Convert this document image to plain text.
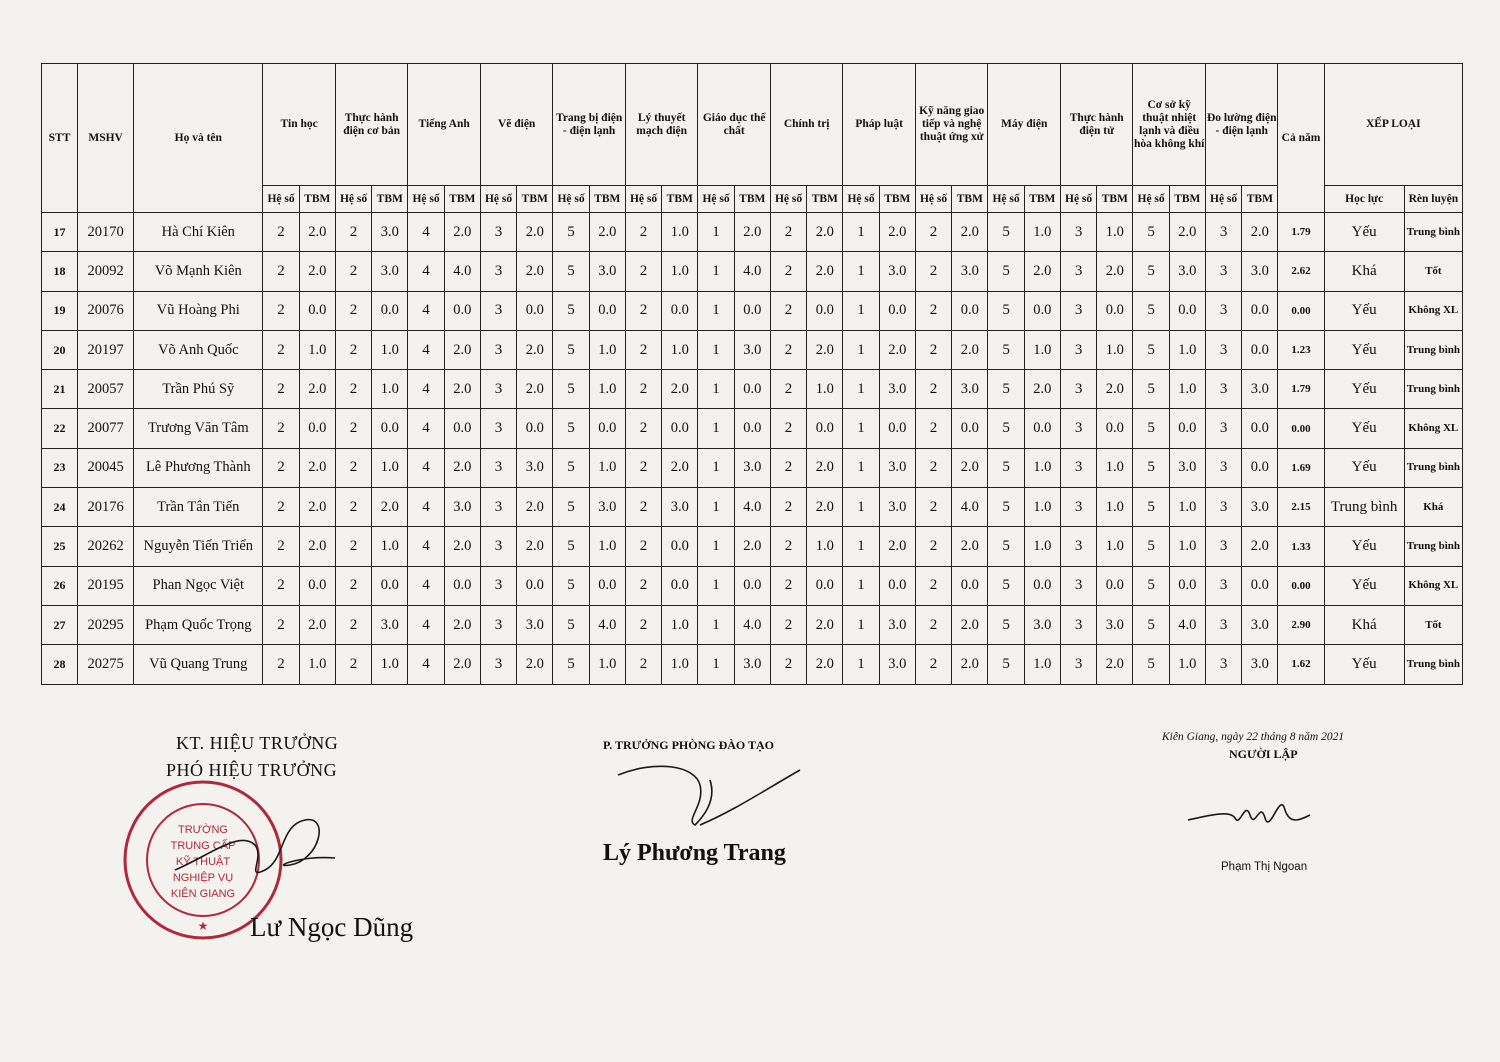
STT	MSHV	Họ và tên	Tin học		Thực hành điện cơ bản		Tiếng Anh		Vẽ điện		Trang bị điện - điện lạnh		Lý thuyết mạch điện		Giáo dục thể chất		Chính trị		Pháp luật		Kỹ năng giao tiếp và nghệ thuật ứng xử		Máy điện		Thực hành điện tử		Cơ sở kỹ thuật nhiệt lạnh và điều hòa không khí		Đo lường điện - điện lạnh		Cả năm	XẾP LOẠI	
			Hệ số	TBM	Hệ số	TBM	Hệ số	TBM	Hệ số	TBM	Hệ số	TBM	Hệ số	TBM	Hệ số	TBM	Hệ số	TBM	Hệ số	TBM	Hệ số	TBM	Hệ số	TBM	Hệ số	TBM	Hệ số	TBM	Hệ số	TBM		Học lực	Rèn luyện
17	20170	Hà Chí Kiên	2	2.0	2	3.0	4	2.0	3	2.0	5	2.0	2	1.0	1	2.0	2	2.0	1	2.0	2	2.0	5	1.0	3	1.0	5	2.0	3	2.0	1.79	Yếu	Trung bình
18	20092	Võ Mạnh Kiên	2	2.0	2	3.0	4	4.0	3	2.0	5	3.0	2	1.0	1	4.0	2	2.0	1	3.0	2	3.0	5	2.0	3	2.0	5	3.0	3	3.0	2.62	Khá	Tốt
19	20076	Vũ Hoàng Phi	2	0.0	2	0.0	4	0.0	3	0.0	5	0.0	2	0.0	1	0.0	2	0.0	1	0.0	2	0.0	5	0.0	3	0.0	5	0.0	3	0.0	0.00	Yếu	Không XL
20	20197	Võ Anh Quốc	2	1.0	2	1.0	4	2.0	3	2.0	5	1.0	2	1.0	1	3.0	2	2.0	1	2.0	2	2.0	5	1.0	3	1.0	5	1.0	3	0.0	1.23	Yếu	Trung bình
21	20057	Trần Phú Sỹ	2	2.0	2	1.0	4	2.0	3	2.0	5	1.0	2	2.0	1	0.0	2	1.0	1	3.0	2	3.0	5	2.0	3	2.0	5	1.0	3	3.0	1.79	Yếu	Trung bình
22	20077	Trương Văn Tâm	2	0.0	2	0.0	4	0.0	3	0.0	5	0.0	2	0.0	1	0.0	2	0.0	1	0.0	2	0.0	5	0.0	3	0.0	5	0.0	3	0.0	0.00	Yếu	Không XL
23	20045	Lê Phương Thành	2	2.0	2	1.0	4	2.0	3	3.0	5	1.0	2	2.0	1	3.0	2	2.0	1	3.0	2	2.0	5	1.0	3	1.0	5	3.0	3	0.0	1.69	Yếu	Trung bình
24	20176	Trần Tân Tiến	2	2.0	2	2.0	4	3.0	3	2.0	5	3.0	2	3.0	1	4.0	2	2.0	1	3.0	2	4.0	5	1.0	3	1.0	5	1.0	3	3.0	2.15	Trung bình	Khá
25	20262	Nguyễn Tiến Triển	2	2.0	2	1.0	4	2.0	3	2.0	5	1.0	2	0.0	1	2.0	2	1.0	1	2.0	2	2.0	5	1.0	3	1.0	5	1.0	3	2.0	1.33	Yếu	Trung bình
26	20195	Phan Ngọc Việt	2	0.0	2	0.0	4	0.0	3	0.0	5	0.0	2	0.0	1	0.0	2	0.0	1	0.0	2	0.0	5	0.0	3	0.0	5	0.0	3	0.0	0.00	Yếu	Không XL
27	20295	Phạm Quốc Trọng	2	2.0	2	3.0	4	2.0	3	3.0	5	4.0	2	1.0	1	4.0	2	2.0	1	3.0	2	2.0	5	3.0	3	3.0	5	4.0	3	3.0	2.90	Khá	Tốt
28	20275	Vũ Quang Trung	2	1.0	2	1.0	4	2.0	3	2.0	5	1.0	2	1.0	1	3.0	2	2.0	1	3.0	2	2.0	5	1.0	3	2.0	5	1.0	3	3.0	1.62	Yếu	Trung bình
KT. HIỆU TRƯỞNG
PHÓ HIỆU TRƯỞNG
TRƯỜNG
TRUNG CẤP
KỸ THUẬT
NGHIỆP VỤ
KIÊN GIANG
★ Lư Ngọc Dũng
P. TRƯỞNG PHÒNG ĐÀO TẠO
Lý Phương Trang
Kiên Giang, ngày 22 tháng 8 năm 2021
NGƯỜI LẬP
Phạm Thị Ngoan
